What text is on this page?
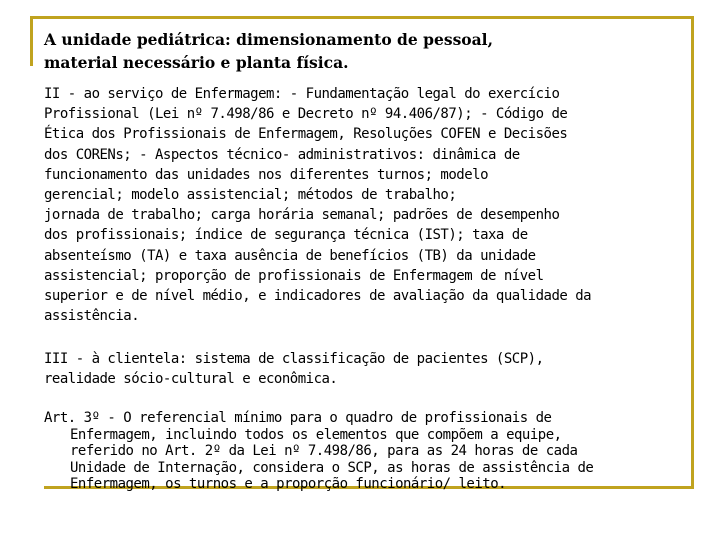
A unidade pediátrica: dimensionamento de pessoal,
material necessário e planta física.
II - ao serviço de Enfermagem: - Fundamentação legal do exercício
Profissional (Lei nº 7.498/86 e Decreto nº 94.406/87); - Código de
Ética dos Profissionais de Enfermagem, Resoluções COFEN e Decisões
dos CORENs; - Aspectos técnico- administrativos: dinâmica de
funcionamento das unidades nos diferentes turnos; modelo
gerencial; modelo assistencial; métodos de trabalho;
jornada de trabalho; carga horária semanal; padrões de desempenho
dos profissionais; índice de segurança técnica (IST); taxa de
absenteísmo (TA) e taxa ausência de benefícios (TB) da unidade
assistencial; proporção de profissionais de Enfermagem de nível
superior e de nível médio, e indicadores de avaliação da qualidade da
assistência.
III - à clientela: sistema de classificação de pacientes (SCP),
realidade sócio-cultural e econômica.
Art. 3º - O referencial mínimo para o quadro de profissionais de
Enfermagem, incluindo todos os elementos que compõem a equipe,
referido no Art. 2º da Lei nº 7.498/86, para as 24 horas de cada
Unidade de Internação, considera o SCP, as horas de assistência de
Enfermagem, os turnos e a proporção funcionário/ leito.
